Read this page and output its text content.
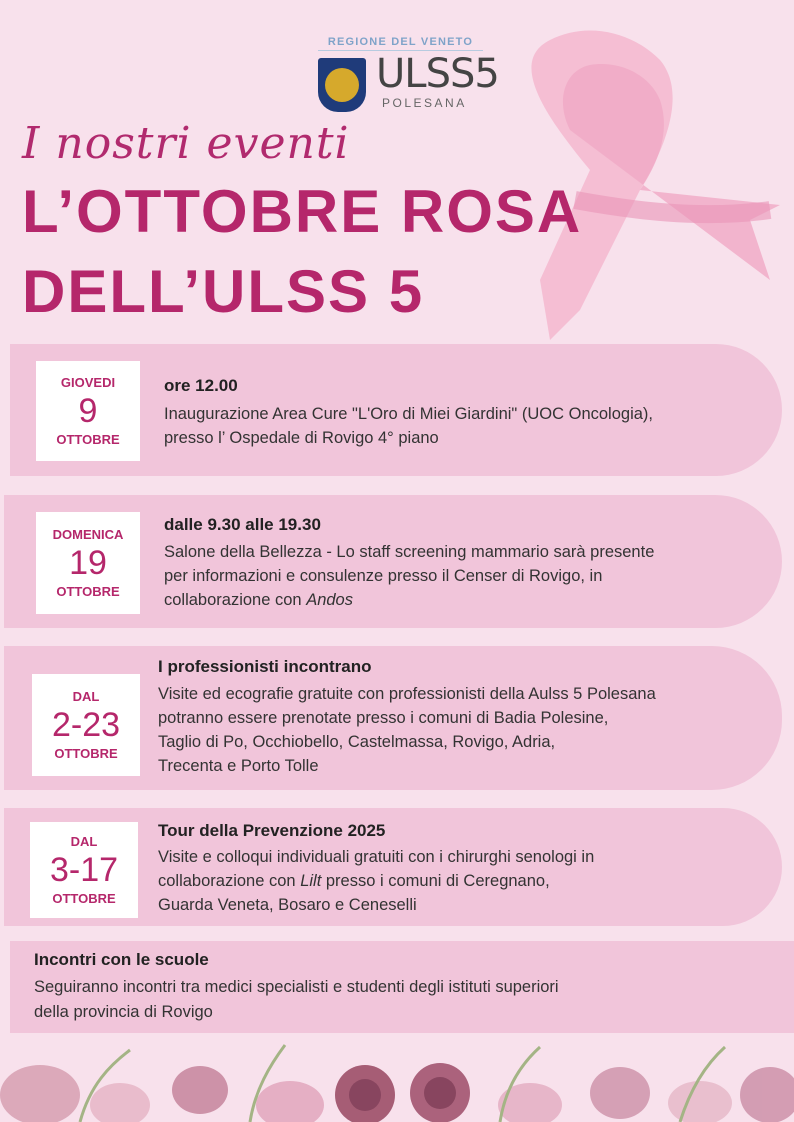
REGIONE DEL VENETO
ULSS5
POLESANA
I nostri eventi
L’OTTOBRE ROSA
DELL’ULSS 5
GIOVEDI
9
OTTOBRE
ore 12.00
Inaugurazione Area Cure "L'Oro di Miei Giardini" (UOC Oncologia),
presso l’ Ospedale di Rovigo 4° piano
DOMENICA
19
OTTOBRE
dalle 9.30 alle 19.30
Salone della Bellezza - Lo staff screening mammario sarà presente
per informazioni e consulenze presso il Censer di Rovigo, in
collaborazione con Andos
DAL
2-23
OTTOBRE
I professionisti incontrano
Visite ed ecografie gratuite con professionisti della Aulss 5 Polesana
potranno essere prenotate presso i comuni di Badia Polesine,
Taglio di Po, Occhiobello, Castelmassa, Rovigo, Adria,
Trecenta e Porto Tolle
DAL
3-17
OTTOBRE
Tour della Prevenzione 2025
Visite e colloqui individuali gratuiti con i chirurghi senologi in
collaborazione con Lilt presso i comuni di Ceregnano,
Guarda Veneta, Bosaro e Ceneselli
Incontri con le scuole
Seguiranno incontri tra medici specialisti e studenti degli istituti superiori
della provincia di Rovigo
